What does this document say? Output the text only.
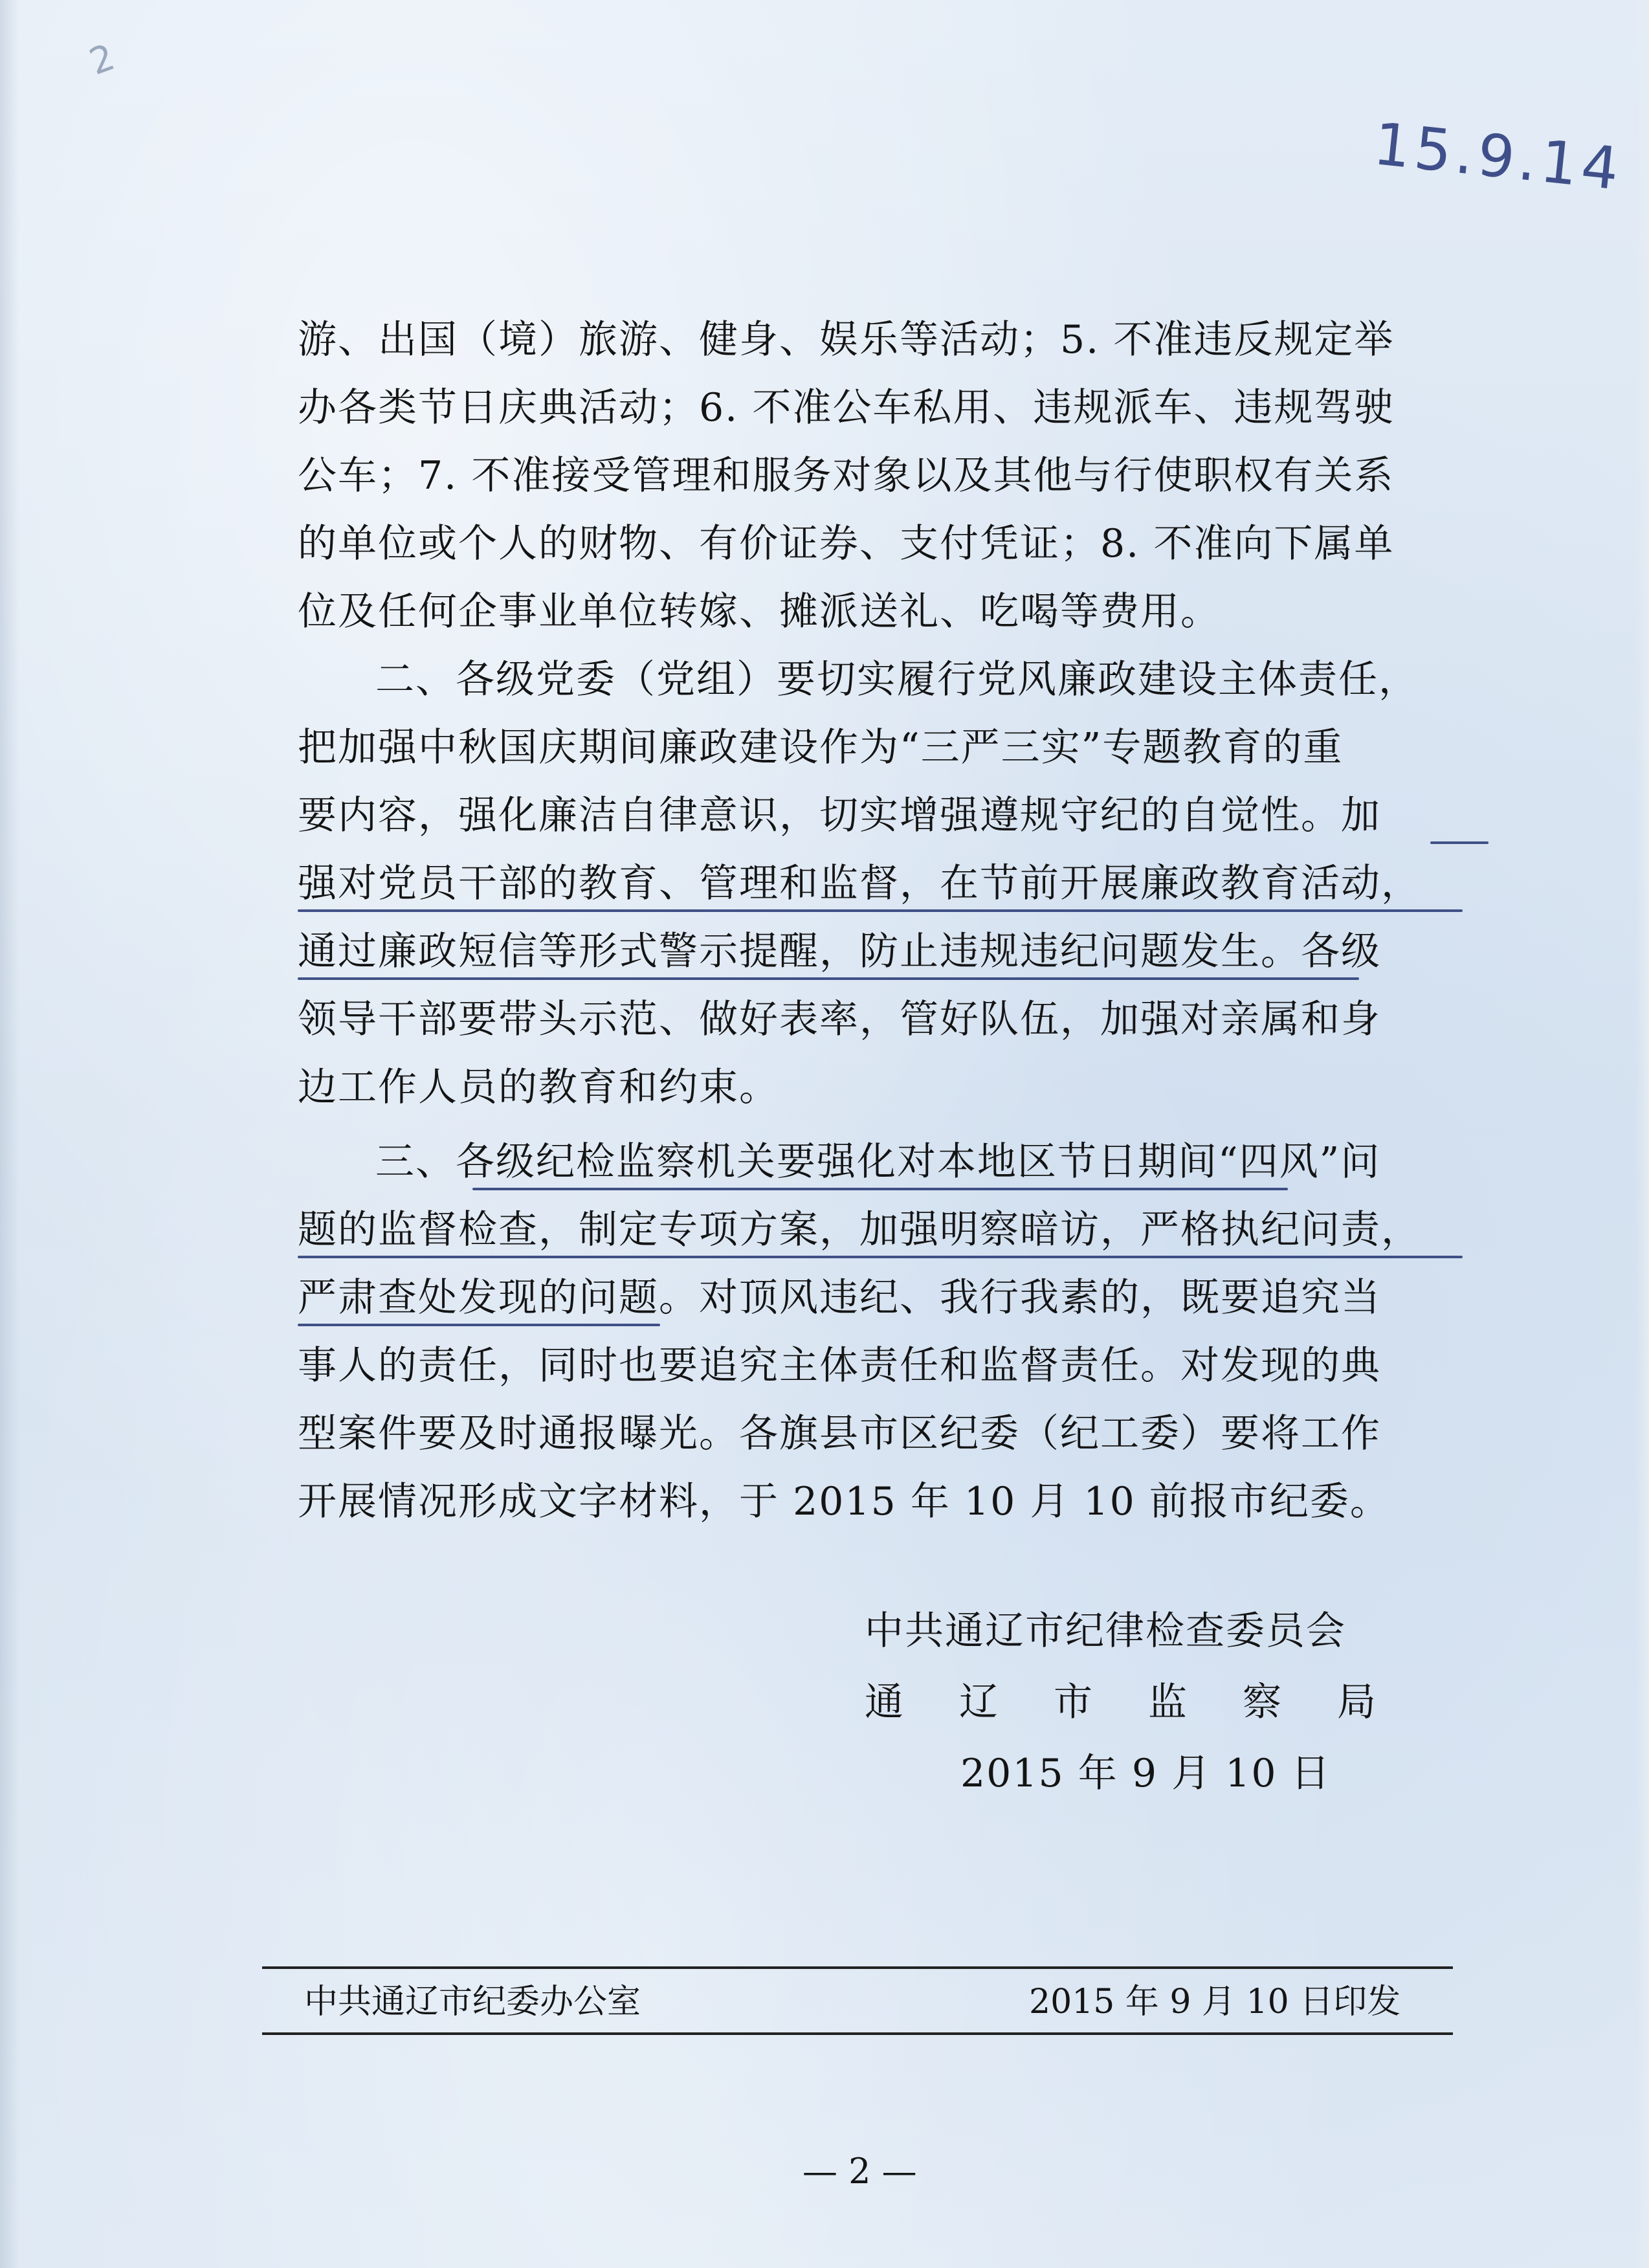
2
15.9.14
游、出国（境）旅游、健身、娱乐等活动；5. 不准违反规定举
办各类节日庆典活动；6. 不准公车私用、违规派车、违规驾驶
公车；7. 不准接受管理和服务对象以及其他与行使职权有关系
的单位或个人的财物、有价证券、支付凭证；8. 不准向下属单
位及任何企事业单位转嫁、摊派送礼、吃喝等费用。
二、各级党委（党组）要切实履行党风廉政建设主体责任，
把加强中秋国庆期间廉政建设作为“三严三实”专题教育的重
要内容，强化廉洁自律意识，切实增强遵规守纪的自觉性。加
强对党员干部的教育、管理和监督，在节前开展廉政教育活动，
通过廉政短信等形式警示提醒，防止违规违纪问题发生。各级
领导干部要带头示范、做好表率，管好队伍，加强对亲属和身
边工作人员的教育和约束。
三、各级纪检监察机关要强化对本地区节日期间“四风”问
题的监督检查，制定专项方案，加强明察暗访，严格执纪问责，
严肃查处发现的问题。对顶风违纪、我行我素的，既要追究当
事人的责任，同时也要追究主体责任和监督责任。对发现的典
型案件要及时通报曝光。各旗县市区纪委（纪工委）要将工作
开展情况形成文字材料，于 2015 年 10 月 10 前报市纪委。
中共通辽市纪律检查委员会
通辽市监察局
2015 年 9 月 10 日
中共通辽市纪委办公室	2015 年 9 月 10 日印发
— 2 —
